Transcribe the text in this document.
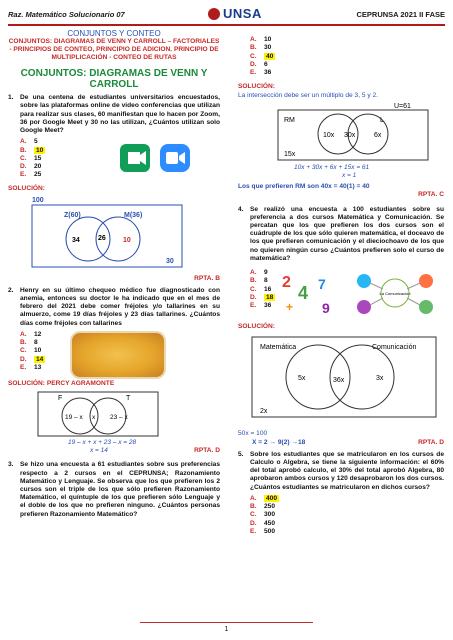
Raz. Matemático Solucionario 07	UNSA	CEPRUNSA 2021 II FASE
CONJUNTOS Y CONTEO
CONJUNTOS: DIAGRAMAS DE VENN Y CARROLL – FACTORIALES - PRINCIPIOS DE CONTEO, PRINCIPIO DE ADICION. PRINCIPIO DE MULTIPLICACIÓN - CONTEO DE RUTAS
CONJUNTOS: DIAGRAMAS DE VENN Y CARROLL
1. De una centena de estudiantes universitarios encuestados, sobre las plataformas online de video conferencias que utilizan para realizar sus clases, 60 manifiestan que lo hacen por Zoom, 36 por Google Meet y 30 no las utilizan, ¿Cuántos utilizan solo Google Meet?
A. 5
B. 10
C. 15
D. 20
E. 25
SOLUCIÓN:
100
Z(60)	M(36)
34	26 10
30
RPTA. B
2. Henry en su último chequeo médico fue diagnosticado con anemia, entonces su doctor le ha indicado que en el mes de febrero del 2021 debe comer fréjoles y/o tallarines en su almuerzo, come 19 días fréjoles y 23 días tallarines. ¿Cuántos días come fréjoles con tallarines
A. 12
B. 8
C. 10
D. 14
E. 13
SOLUCIÓN: PERCY AGRAMONTE
F	T
19 – x x 23 – x
19 – x + x + 23 – x = 28
x = 14	RPTA. D
3. Se hizo una encuesta a 61 estudiantes sobre sus preferencias respecto a 2 cursos en el CEPRUNSA; Razonamiento Matemático y Lenguaje. Se observa que los que prefieren los 2 cursos son el triple de los que sólo prefieren Razonamiento Matemático, el quíntuple de los que prefieren sólo Lenguaje y el doble de los que no prefieren ninguno. ¿Cuántos personas prefieren Razonamiento Matemático?
A. 10
B. 30
C. 40
D. 6
E. 36
SOLUCIÓN:
La intersección debe ser un múltiplo de 3, 5 y 2.
U=61
RM	L
10x 30x	6x
15x
10x + 30x + 6x + 15x = 61
x = 1
Los que prefieren RM son 40x = 40(1) = 40
RPTA. C
4. Se realizó una encuesta a 100 estudiantes sobre su preferencia a dos cursos Matemática y Comunicación. Se percatan que los que prefieren los dos cursos son el cuádruple de los que sólo quieren matemática, el doceavo de los que prefieren comunicación y el dieciochoavo de los que no quieren ningún curso ¿Cuántos prefieren solo el curso de matemática?
A. 9
B. 8
C. 16
D. 18
E. 36
2
4 7
+ 9
La Comunicación
SOLUCIÓN:
Matemática	Comunicación
5x	36x	3x
2x
50x = 100
X = 2 → 9(2) →18	RPTA. D
5. Sobre los estudiantes que se matricularon en los cursos de Calculo o Algebra, se tiene la siguiente información: el 60% del total aprobó calculo, el 30% del total aprobó Algebra, 80 aprobaron ambos cursos y 120 desaprobaron los dos cursos. ¿Cuántos estudiantes se matricularon en dichos cursos?
A. 400
B. 250
C. 300
D. 450
E. 500
1
